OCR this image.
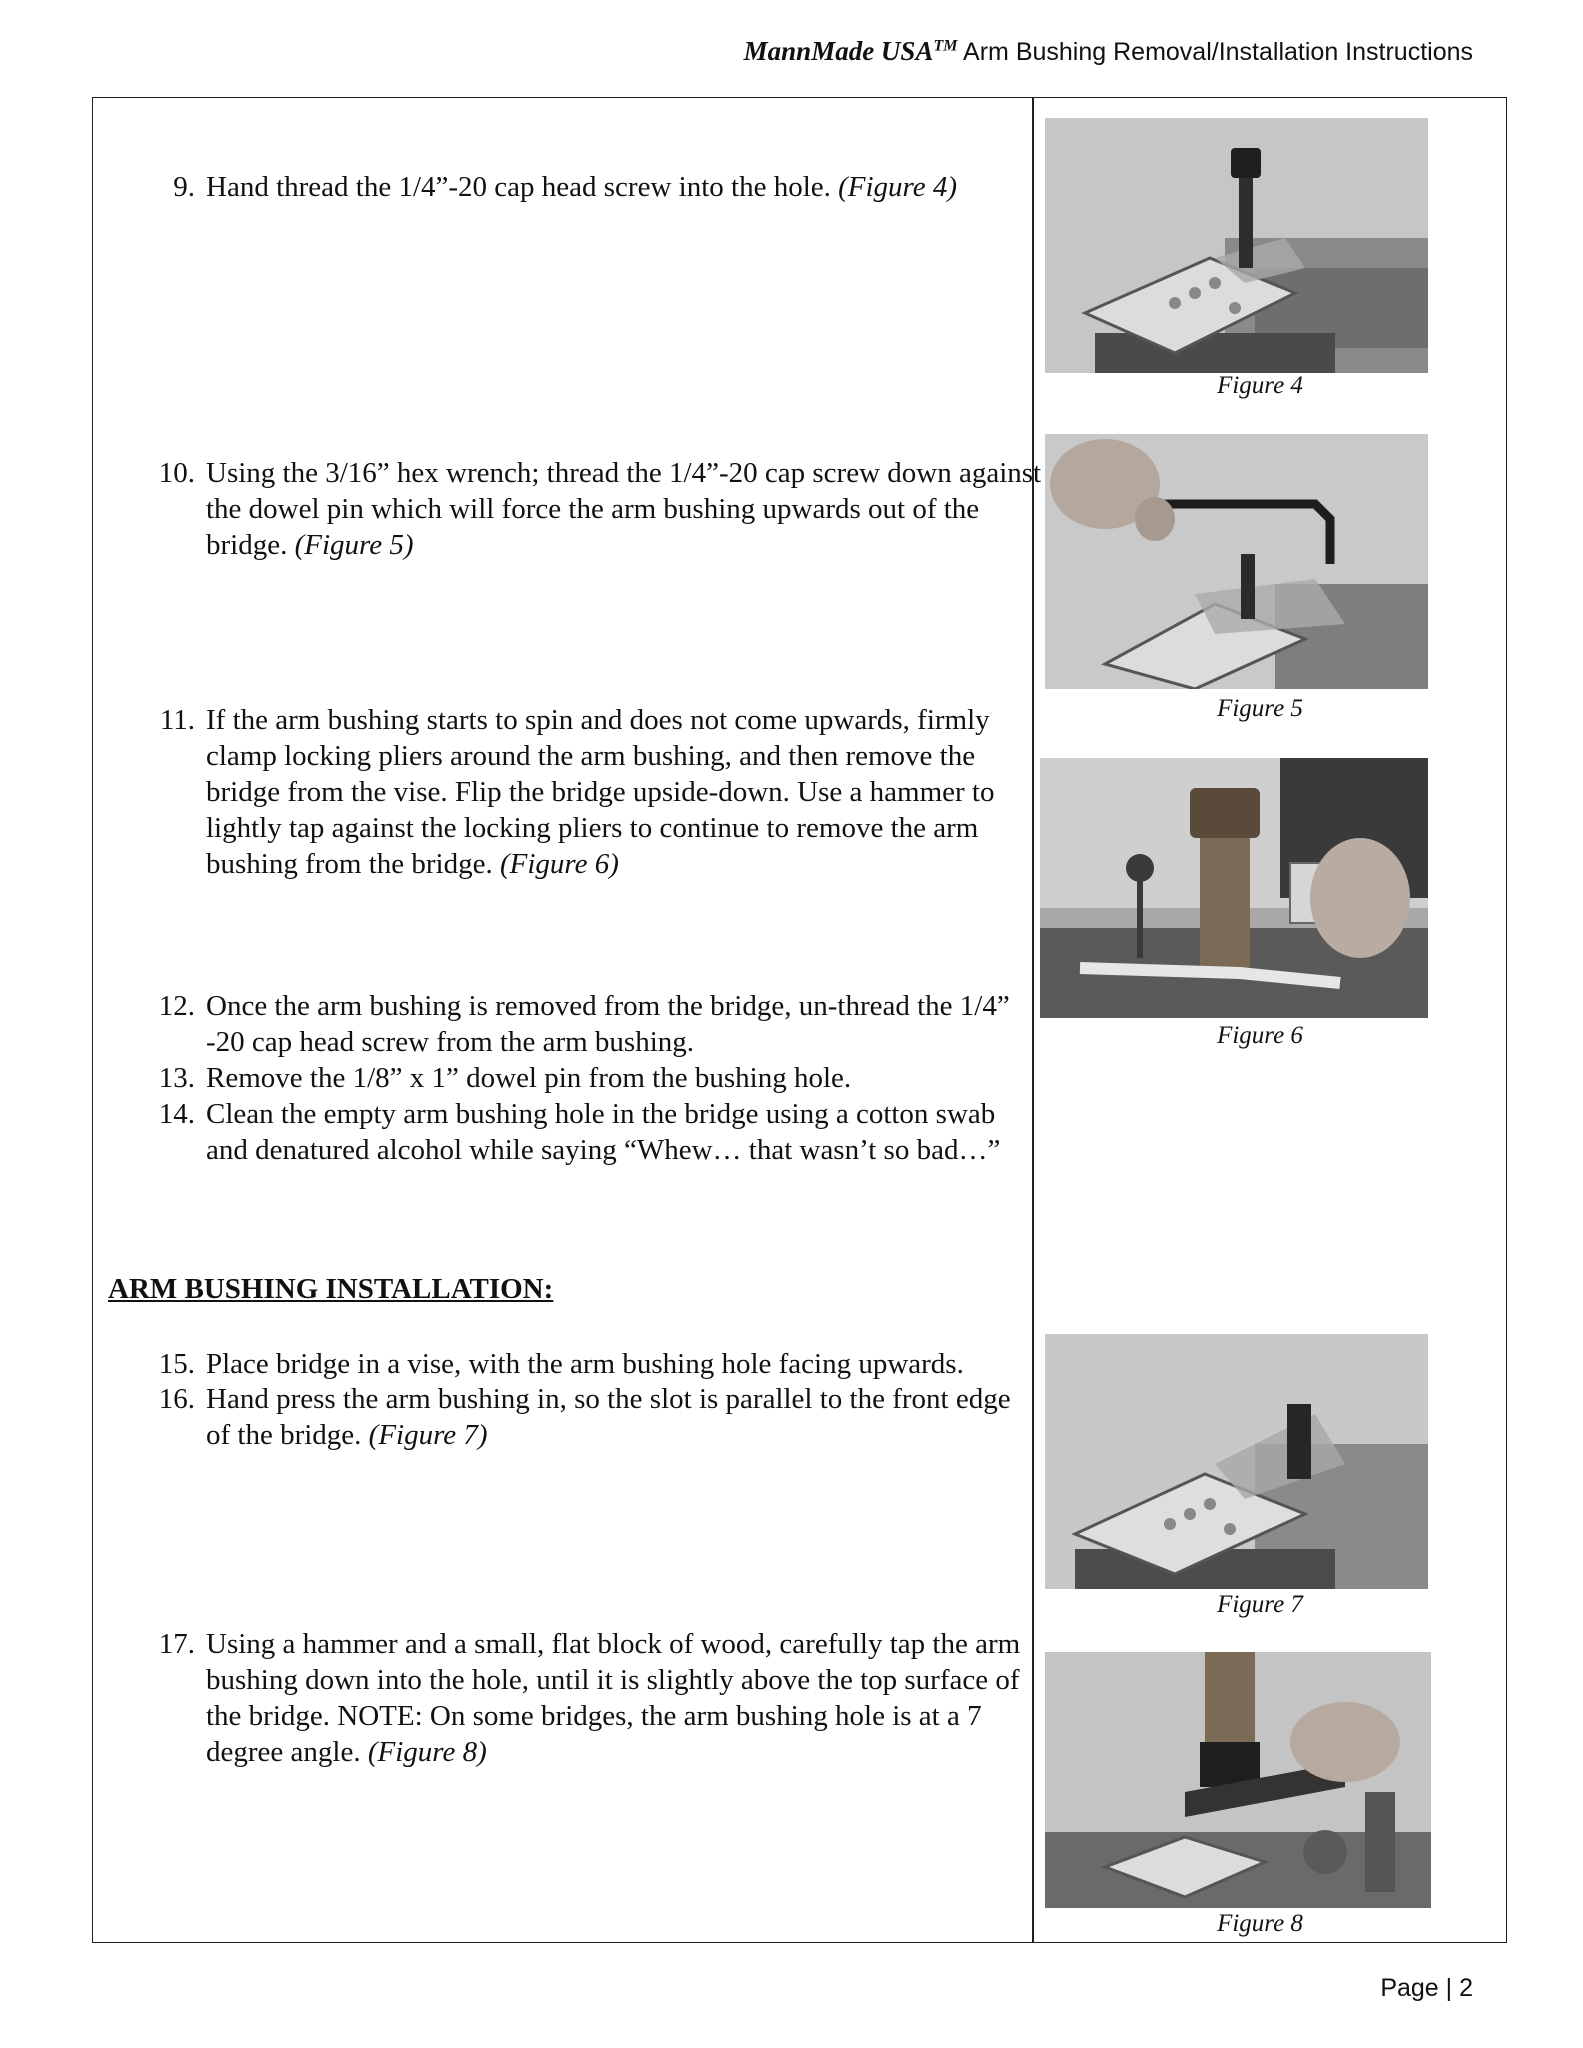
MannMade USA™ Arm Bushing Removal/Installation Instructions
9. Hand thread the 1/4”-20 cap head screw into the hole. (Figure 4)
10. Using the 3/16” hex wrench; thread the 1/4”-20 cap screw down against the dowel pin which will force the arm bushing upwards out of the bridge. (Figure 5)
11. If the arm bushing starts to spin and does not come upwards, firmly clamp locking pliers around the arm bushing, and then remove the bridge from the vise. Flip the bridge upside-down. Use a hammer to lightly tap against the locking pliers to continue to remove the arm bushing from the bridge. (Figure 6)
12. Once the arm bushing is removed from the bridge, un-thread the 1/4” -20 cap head screw from the arm bushing.
13. Remove the 1/8” x 1” dowel pin from the bushing hole.
14. Clean the empty arm bushing hole in the bridge using a cotton swab and denatured alcohol while saying “Whew… that wasn’t so bad…”
ARM BUSHING INSTALLATION:
15. Place bridge in a vise, with the arm bushing hole facing upwards.
16. Hand press the arm bushing in, so the slot is parallel to the front edge of the bridge. (Figure 7)
17. Using a hammer and a small, flat block of wood, carefully tap the arm bushing down into the hole, until it is slightly above the top surface of the bridge. NOTE: On some bridges, the arm bushing hole is at a 7 degree angle. (Figure 8)
Figure 4
Figure 5
Figure 6
Figure 7
Figure 8
Page | 2
